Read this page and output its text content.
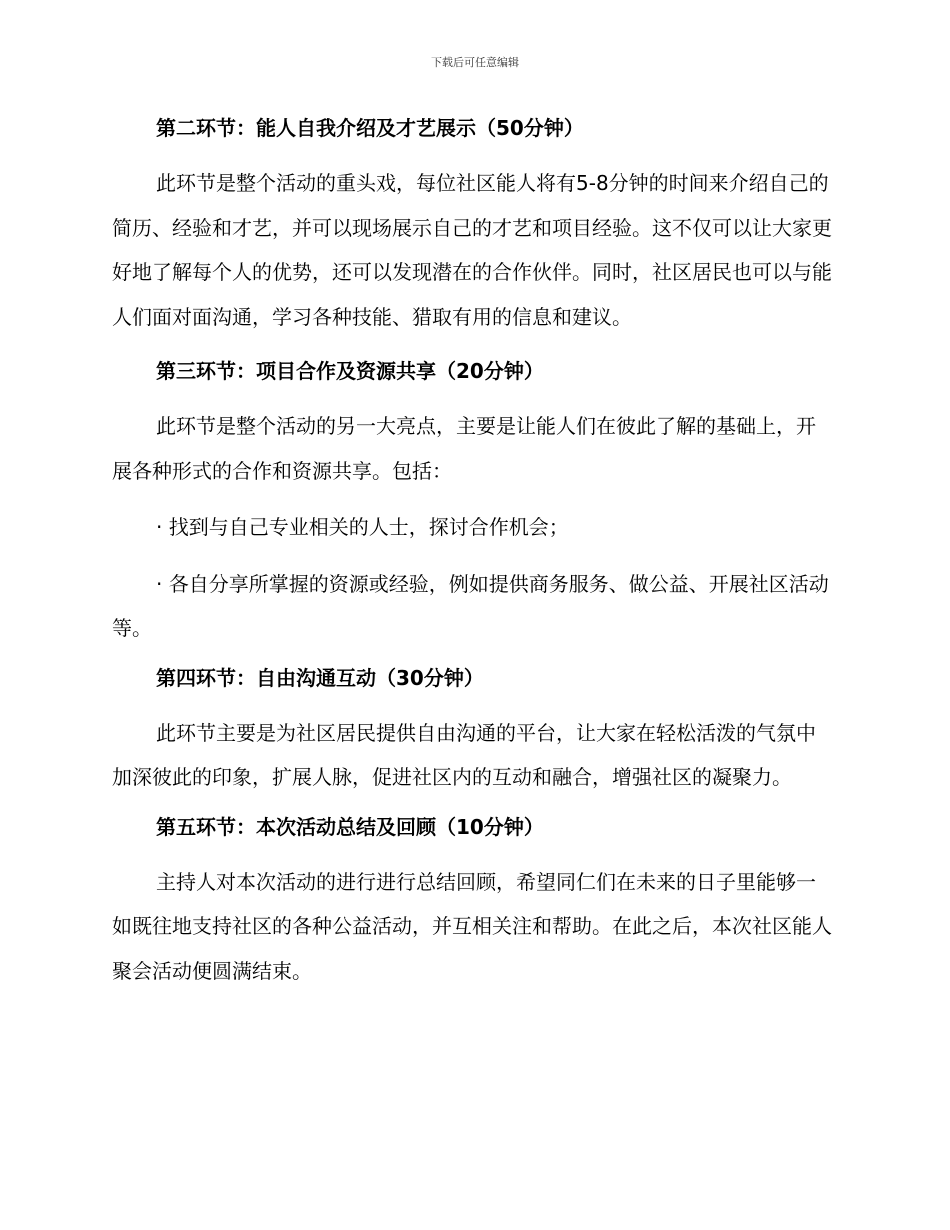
下载后可任意编辑
第二环节：能人自我介绍及才艺展示（50分钟）

此环节是整个活动的重头戏，每位社区能人将有5-8分钟的时间来介绍自己的简历、经验和才艺，并可以现场展示自己的才艺和项目经验。这不仅可以让大家更好地了解每个人的优势，还可以发现潜在的合作伙伴。同时，社区居民也可以与能人们面对面沟通，学习各种技能、猎取有用的信息和建议。

第三环节：项目合作及资源共享（20分钟）

此环节是整个活动的另一大亮点，主要是让能人们在彼此了解的基础上，开展各种形式的合作和资源共享。包括：

· 找到与自己专业相关的人士，探讨合作机会；

· 各自分享所掌握的资源或经验，例如提供商务服务、做公益、开展社区活动等。

第四环节：自由沟通互动（30分钟）

此环节主要是为社区居民提供自由沟通的平台，让大家在轻松活泼的气氛中加深彼此的印象，扩展人脉，促进社区内的互动和融合，增强社区的凝聚力。

第五环节：本次活动总结及回顾（10分钟）

主持人对本次活动的进行进行总结回顾，希望同仁们在未来的日子里能够一如既往地支持社区的各种公益活动，并互相关注和帮助。在此之后，本次社区能人聚会活动便圆满结束。
